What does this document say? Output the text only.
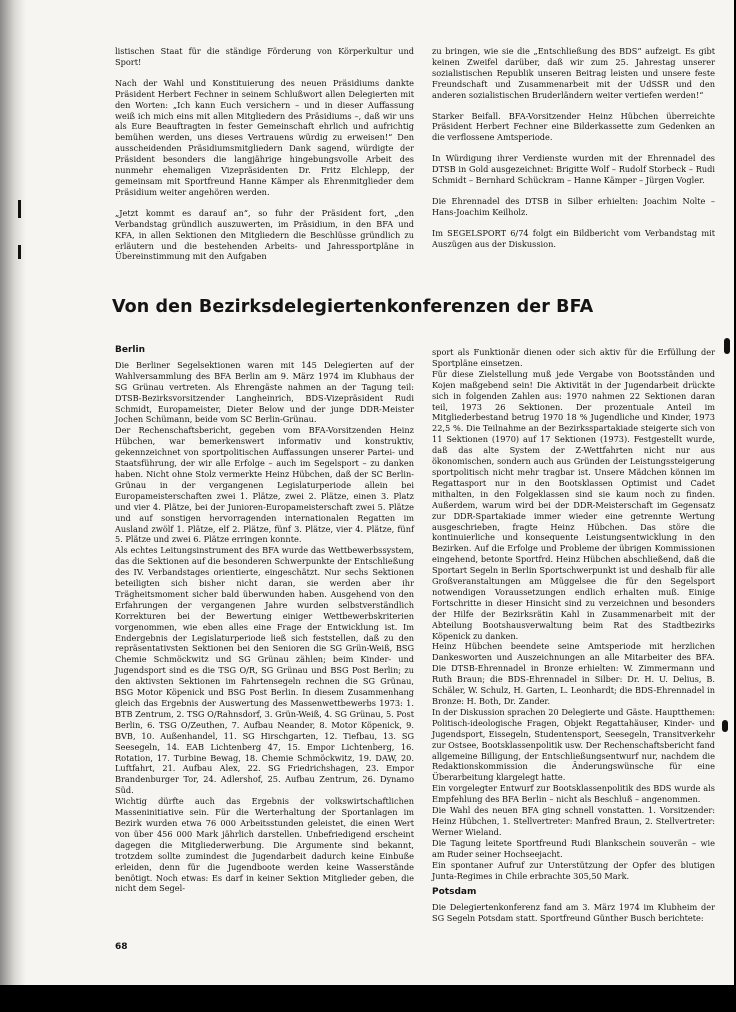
listischen Staat für die ständige Förderung von Körperkultur und Sport!

Nach der Wahl und Konstituierung des neuen Präsidiums dankte Präsident Herbert Fechner in seinem Schlußwort allen Delegierten mit den Worten: „Ich kann Euch versichern – und in dieser Auffassung weiß ich mich eins mit allen Mitgliedern des Präsidiums –, daß wir uns als Eure Beauftragten in fester Gemeinschaft ehrlich und aufrichtig bemühen werden, uns dieses Vertrauens würdig zu erweisen!“ Den ausscheidenden Präsidiumsmitgliedern Dank sagend, würdigte der Präsident besonders die langjährige hingebungsvolle Arbeit des nunmehr ehemaligen Vizepräsidenten Dr. Fritz Elchlepp, der gemeinsam mit Sportfreund Hanne Kämper als Ehrenmitglieder dem Präsidium weiter angehören werden.

„Jetzt kommt es darauf an“, so fuhr der Präsident fort, „den Verbandstag gründlich auszuwerten, im Präsidium, in den BFA und KFA, in allen Sektionen den Mitgliedern die Beschlüsse gründlich zu erläutern und die bestehenden Arbeits- und Jahressportpläne in Übereinstimmung mit den Aufgaben

zu bringen, wie sie die „Entschließung des BDS“ aufzeigt. Es gibt keinen Zweifel darüber, daß wir zum 25. Jahrestag unserer sozialistischen Republik unseren Beitrag leisten und unsere feste Freundschaft und Zusammenarbeit mit der UdSSR und den anderen sozialistischen Bruderländern weiter vertiefen werden!“

Starker Beifall. BFA-Vorsitzender Heinz Hübchen überreichte Präsident Herbert Fechner eine Bilderkassette zum Gedenken an die verflossene Amtsperiode.

In Würdigung ihrer Verdienste wurden mit der Ehrennadel des DTSB in Gold ausgezeichnet: Brigitte Wolf – Rudolf Storbeck – Rudi Schmidt – Bernhard Schückram – Hanne Kämper – Jürgen Vogler.

Die Ehrennadel des DTSB in Silber erhielten: Joachim Nolte – Hans-Joachim Keilholz.

Im SEGELSPORT 6/74 folgt ein Bildbericht vom Verbandstag mit Auszügen aus der Diskussion.

Von den Bezirksdelegiertenkonferenzen der BFA
Berlin

Die Berliner Segelsektionen waren mit 145 Delegierten auf der Wahlversammlung des BFA Berlin am 9. März 1974 im Klubhaus der SG Grünau vertreten. Als Ehrengäste nahmen an der Tagung teil: DTSB-Bezirksvorsitzender Langheinrich, BDS-Vizepräsident Rudi Schmidt, Europameister, Dieter Below und der junge DDR-Meister Jochen Schümann, beide vom SC Berlin-Grünau.

Der Rechenschaftsbericht, gegeben vom BFA-Vorsitzenden Heinz Hübchen, war bemerkenswert informativ und konstruktiv, gekennzeichnet von sportpolitischen Auffassungen unserer Partei- und Staatsführung, der wir alle Erfolge – auch im Segelsport – zu danken haben. Nicht ohne Stolz vermerkte Heinz Hübchen, daß der SC Berlin-Grünau in der vergangenen Legislaturperiode allein bei Europameisterschaften zwei 1. Plätze, zwei 2. Plätze, einen 3. Platz und vier 4. Plätze, bei der Junioren-Europameisterschaft zwei 5. Plätze und auf sonstigen hervorragenden internationalen Regatten im Ausland zwölf 1. Plätze, elf 2. Plätze, fünf 3. Plätze, vier 4. Plätze, fünf 5. Plätze und zwei 6. Plätze erringen konnte.

Als echtes Leitungsinstrument des BFA wurde das Wettbewerbssystem, das die Sektionen auf die besonderen Schwerpunkte der Entschließung des IV. Verbandstages orientierte, eingeschätzt. Nur sechs Sektionen beteiligten sich bisher nicht daran, sie werden aber ihr Trägheitsmoment sicher bald überwunden haben. Ausgehend von den Erfahrungen der vergangenen Jahre wurden selbstverständlich Korrekturen bei der Bewertung einiger Wettbewerbskriterien vorgenommen, wie eben alles eine Frage der Entwicklung ist. Im Endergebnis der Legislaturperiode ließ sich feststellen, daß zu den repräsentativsten Sektionen bei den Senioren die SG Grün-Weiß, BSG Chemie Schmöckwitz und SG Grünau zählen; beim Kinder- und Jugendsport sind es die TSG O/R, SG Grünau und BSG Post Berlin; zu den aktivsten Sektionen im Fahrtensegeln rechnen die SG Grünau, BSG Motor Köpenick und BSG Post Berlin. In diesem Zusammenhang gleich das Ergebnis der Auswertung des Massenwettbewerbs 1973: 1. BTB Zentrum, 2. TSG O/Rahnsdorf, 3. Grün-Weiß, 4. SG Grünau, 5. Post Berlin, 6. TSG O/Zeuthen, 7. Aufbau Neander, 8. Motor Köpenick, 9. BVB, 10. Außenhandel, 11. SG Hirschgarten, 12. Tiefbau, 13. SG Seesegeln, 14. EAB Lichtenberg 47, 15. Empor Lichtenberg, 16. Rotation, 17. Turbine Bewag, 18. Chemie Schmöckwitz, 19. DAW, 20. Luftfahrt, 21. Aufbau Alex, 22. SG Friedrichshagen, 23. Empor Brandenburger Tor, 24. Adlershof, 25. Aufbau Zentrum, 26. Dynamo Süd.

Wichtig dürfte auch das Ergebnis der volkswirtschaftlichen Masseninitiative sein. Für die Werterhaltung der Sportanlagen im Bezirk wurden etwa 76 000 Arbeitsstunden geleistet, die einen Wert von über 456 000 Mark jährlich darstellen. Unbefriedigend erscheint dagegen die Mitgliederwerbung. Die Argumente sind bekannt, trotzdem sollte zumindest die Jugendarbeit dadurch keine Einbuße erleiden, denn für die Jugendboote werden keine Wasserstände benötigt. Noch etwas: Es darf in keiner Sektion Mitglieder geben, die nicht dem Segel-

sport als Funktionär dienen oder sich aktiv für die Erfüllung der Sportpläne einsetzen.

Für diese Zielstellung muß jede Vergabe von Bootsständen und Kojen maßgebend sein! Die Aktivität in der Jugendarbeit drückte sich in folgenden Zahlen aus: 1970 nahmen 22 Sektionen daran teil, 1973 26 Sektionen. Der prozentuale Anteil im Mitgliederbestand betrug 1970 18 % Jugendliche und Kinder, 1973 22,5 %. Die Teilnahme an der Bezirksspartakiade steigerte sich von 11 Sektionen (1970) auf 17 Sektionen (1973). Festgestellt wurde, daß das alte System der Z-Wettfahrten nicht nur aus ökonomischen, sondern auch aus Gründen der Leistungssteigerung sportpolitisch nicht mehr tragbar ist. Unsere Mädchen können im Regattasport nur in den Bootsklassen Optimist und Cadet mithalten, in den Folgeklassen sind sie kaum noch zu finden. Außerdem, warum wird bei der DDR-Meisterschaft im Gegensatz zur DDR-Spartakiade immer wieder eine getrennte Wertung ausgeschrieben, fragte Heinz Hübchen. Das störe die kontinuierliche und konsequente Leistungsentwicklung in den Bezirken. Auf die Erfolge und Probleme der übrigen Kommissionen eingehend, betonte Sportfrd. Heinz Hübchen abschließend, daß die Sportart Segeln in Berlin Sportschwerpunkt ist und deshalb für alle Großveranstaltungen am Müggelsee die für den Segelsport notwendigen Voraussetzungen endlich erhalten muß. Einige Fortschritte in dieser Hinsicht sind zu verzeichnen und besonders der Hilfe der Bezirksrätin Kahl in Zusammenarbeit mit der Abteilung Bootshausverwaltung beim Rat des Stadtbezirks Köpenick zu danken.

Heinz Hübchen beendete seine Amtsperiode mit herzlichen Dankesworten und Auszeichnungen an alle Mitarbeiter des BFA. Die DTSB-Ehrennadel in Bronze erhielten: W. Zimmermann und Ruth Braun; die BDS-Ehrennadel in Silber: Dr. H. U. Delius, B. Schäler, W. Schulz, H. Garten, L. Leonhardt; die BDS-Ehrennadel in Bronze: H. Both, Dr. Zander.

In der Diskussion sprachen 20 Delegierte und Gäste. Hauptthemen: Politisch-ideologische Fragen, Objekt Regattahäuser, Kinder- und Jugendsport, Eissegeln, Studentensport, Seesegeln, Transitverkehr zur Ostsee, Bootsklassenpolitik usw. Der Rechenschaftsbericht fand allgemeine Billigung, der Entschließungsentwurf nur, nachdem die Redaktionskommission die Änderungswünsche für eine Überarbeitung klargelegt hatte.

Ein vorgelegter Entwurf zur Bootsklassenpolitik des BDS wurde als Empfehlung des BFA Berlin – nicht als Beschluß – angenommen.

Die Wahl des neuen BFA ging schnell vonstatten. 1. Vorsitzender: Heinz Hübchen, 1. Stellvertreter: Manfred Braun, 2. Stellvertreter: Werner Wieland.

Die Tagung leitete Sportfreund Rudi Blankschein souverän – wie am Ruder seiner Hochseejacht.

Ein spontaner Aufruf zur Unterstützung der Opfer des blutigen Junta-Regimes in Chile erbrachte 305,50 Mark.

Potsdam

Die Delegiertenkonferenz fand am 3. März 1974 im Klubheim der SG Segeln Potsdam statt. Sportfreund Günther Busch berichtete:

68
